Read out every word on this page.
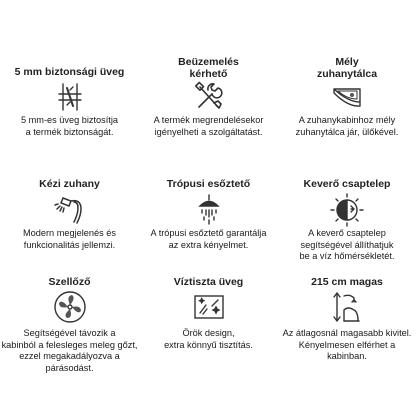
5 mm biztonsági üveg
5 mm-es üveg biztosítja
a termék biztonságát.
Beüzemelés
kérhető
A termék megrendelésekor
igényelheti a szolgáltatást.
Mély
zuhanytálca
A zuhanykabinhoz mély
zuhanytálca jár, ülőkével.
Kézi zuhany
Modern megjelenés és
funkcionalitás jellemzi.
Trópusi esőztető
A trópusi esőztető garantálja
az extra kényelmet.
Keverő csaptelep
A keverő csaptelep
segítségével állíthatjuk
be a víz hőmérsékletét.
Szellőző
Segítségével távozik a
kabinból a felesleges meleg gőzt,
ezzel megakadályozva a párásodást.
Víztiszta üveg
Örök design,
extra könnyű tisztítás.
215 cm magas
Az átlagosnál magasabb kivitel.
Kényelmesen elférhet a kabinban.
